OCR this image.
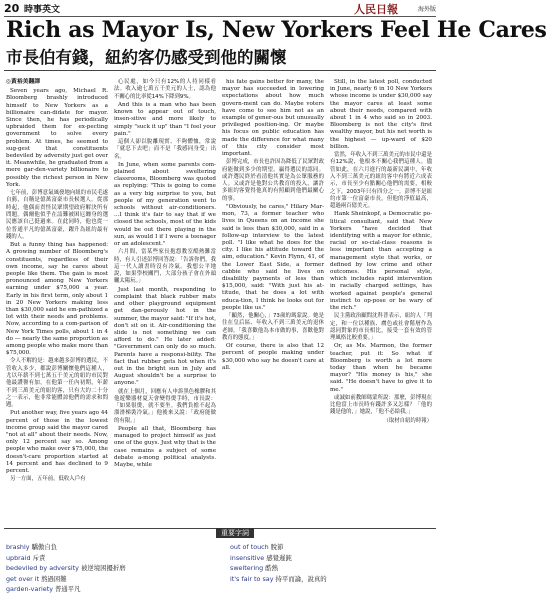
20 時事英文	人民日報	海外版
Rich as Mayor Is, New Yorkers Feel He Cares
市長伯有錢，紐約客仍感受到他的關懷
◎黃裕美翻譯

Seven years ago, Michael R. Bloomberg brashly introduced himself to New Yorkers as a billionaire can-didate for mayor. Since then, he has periodically upbraided them for ex-pecting government to solve every problem. At times, he seemed to sug-gest that constituents bedeviled by adversity just get over it. Meanwhile, he graduated from a mere gar-den-variety billionaire to possibly the richest person in New York.

七年前，彭博意氣風發地向紐約市民毛遂自薦，自稱是億萬富豪市長候選人。從那時起，他偶而責怪民眾期望政府解決所有問題。偶爾他似乎在詰難被困厄纏身的選民應該自己挺過來。在此同時，他也從一位普通平凡的億萬富豪，躍升為紐約最有錢的人。

But a funny thing has happened: A growing number of Bloomberg's constituents, regardless of their own income, say he cares about people like them. The gain is most pronounced among New Yorkers earning under $75,000 a year. Early in his first term, only about 1 in 20 New Yorkers making less than $30,000 said he em-pathized a lot with their needs and problems. Now, according to a com-parison of New York Times polls, about 1 in 4 do — nearly the same proportion as among people who make more than $75,000.

令人不解的是：越來越多彭博的選民，不管收入多少，都說彭博關懷他們這種人，尤以年薪不到七萬五千美元的紐約市民對他最讚譽有加。在他第一任內初期，年薪不到三萬美元的紐約客，只有大約二十分之一表示，他非常能體諒他們的需求和問題。

Put another way, five years ago 44 percent of those in the lowest income group said the mayor cared "not at all" about their needs. Now, only 12 percent say so. Among people who make over $75,000, the doesn't-care proportion started at 14 percent and has declined to 9 percent.

另一方面，五年前，低收入戶有

心民處，如今只有12%的人持同樣看法。收入逾七萬五千美元的人士，認為他不關心的比率從14%下降到9%。

And this is a man who has been known to appear out of touch, insen-sitive and more likely to simply "suck it up" than "I feel your pain."

這個人卻以脫離現實、不夠體恤，常說「就忍下去吧」而不是「我感同身受」出名。

In June, when some parents com-plained about sweltering classrooms, Bloomberg was quoted as replying: "This is going to come as a very big surprise to you, but people of my generation went to schools without air-conditioners. ...I think it's fair to say that if we closed the schools, most of the kids would be out there playing in the sun, as would I if I were a teenager or an adolescent."

六月間，當某些家長抱怨教室酷熱難當時，有人引述彭博回答說：「告訴你們，我這一代人讀書時沒有冷氣。我想公平地說，如果學校關門，大部分孩子會在外頭曬太陽玩。」

Just last month, responding to complaint that black rubber mats and other playground equipment get dan-gerously hot in the summer, the mayor said: "If it's hot, don't sit on it. Air-conditioning the slide is not something we can afford to do." He later added: "Government can only do so much. Parents have a responsi-bility. The fact that rubber gets hot when it's out in the bright sun in July and August shouldn't be a surprise to anyone."

就在上個月，回應有人申訴黑色橡膠和其他遊樂器材夏天會變得燙手時，市長說：「如果很燙，就不要坐。我們負擔不起為溜滑梯裝冷氣。」他後來又說：「政府能做的有限。」

People all that, Bloomberg has managed to project himself as just one of the guys. Just why that is the case remains a subject of some debate a-mong political analysts. Maybe, while

his fate gains better for many, the mayor has succeeded in lowering expectations about how much govern-ment can do. Maybe voters have come to see him not as an example of gener-ous but unusually privileged position-ing. Or maybe his focus on public education has made the difference for what many of this city consider most important.

彭博完成，市長也許因為降低了民眾對政府能做到多少的期望，贏得選民的認同。或許選民終於看清他其實是為公眾服務的人。又或許是他對公共教育的投入，讓許多紐約客覺得他真的有照顧到他們最關心的事。

"Obviously, he cares," Hilary Mar-mon, 73, a former teacher who lives in Queens on an income she said is less than $30,000, said in a follow-up interview to the latest poll. "I like what he does for the city. I like his attitude toward the aim, education." Kevin Flynn, 41, of the Lower East Side, a former cabbie who said he lives on disability payments of less than $15,000, said: "With just his at-titude, that he does a lot with educa-tion, I think he looks out for people like us."

「顯然，他關心，」73歲的瑪蒙說。她是住在皇后區、年收入不到三萬美元的退休老師。「我喜歡他為本市做的事，喜歡他對教育的態度。」

Of course, there is also that 12 percent of people making under $30,000 who say he doesn't care at all.

Still, in the latest poll, conducted in June, nearly 6 in 10 New Yorkers whose income is under $30,000 say the mayor cares at least some about their needs, compared with about 1 in 4 who said so in 2003. Bloomberg is not the city's first wealthy mayor, but his net worth is the highest — up-ward of $20 billion.

當然，年收入不到三萬美元的市民中還是有12%說，他根本不關心我們這種人。儘管如此，在六月進行的最新民調中，年收入不到三萬美元的紐約客中有將近六成表示，市長至少有點關心他們的需要，相較之下，2003年只有四分之一。彭博不是紐約市第一位富豪市長，但他的淨值最高，超過兩百億美元。

Hank Sheinkopf, a Democratic po-litical consultant, said that New Yorkers "have decided that identifying with a mayor for ethnic, racial or so-cial-class reasons is less important than accepting a management style that works, or defined by low crime and other outcomes. His personal style, which includes rapid intervention in racially charged settings, has worked against people's general instinct to op-pose or be wary of the rich."

民主黨政治顧問沈科普表示，紐約人「判定，和一位以種族、膚色或社會階層作為認同對象的市長相比，接受一套有效的管理風格比較重要。」

Or, as Ms. Marmon, the former teacher, put it: So what if Bloomberg is worth a lot more today than when he became mayor? "His money is his," she said. "He doesn't have to give it to me."

或誠如前教師瑪蒙所說：那麼，彭博現在比他當上市長時有錢許多又怎樣？「他的錢是他的，」她說，「他不必給我。」

（取材自紐約時報）

重要字詞
brashly 驕傲自負
upbraid 斥責
bedeviled by adversity 被逆境困擾折磨
get over it 熬過困難
garden-variety 普通平凡
out of touch 脫節
insensitive 感覺遲鈍
sweltering 酷熱
it's fair to say 持平而論，說真的
